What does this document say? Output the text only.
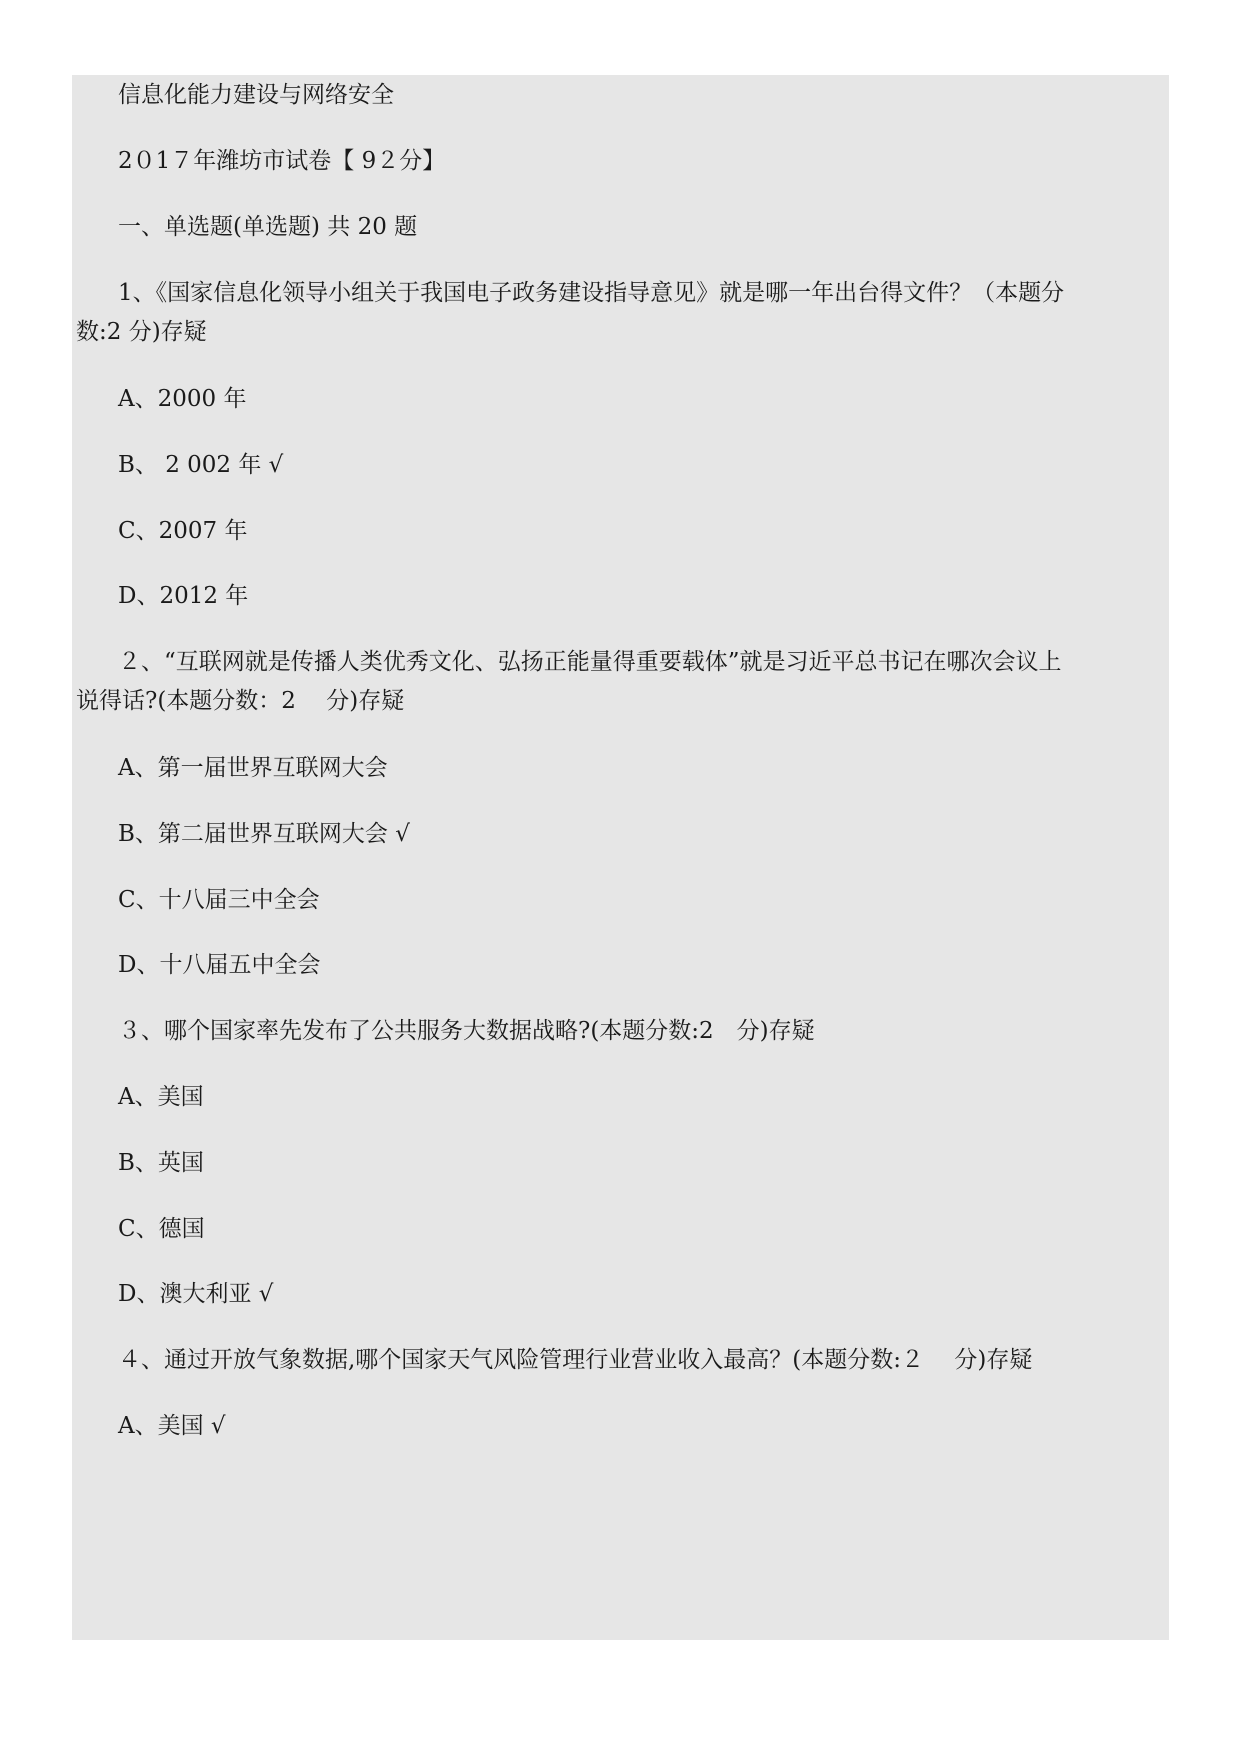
信息化能力建设与网络安全

2０1７年潍坊市试卷【 9２分】

一、单选题(单选题) 共 20 题

1、《国家信息化领导小组关于我国电子政务建设指导意见》就是哪一年出台得文件？（本题分

数:2 分)存疑

A、2000 年

B、 2 002 年 √

C、2007 年

D、2012 年

２、“互联网就是传播人类优秀文化、弘扬正能量得重要载体”就是习近平总书记在哪次会议上

说得话?(本题分数：2　 分)存疑

A、第一届世界互联网大会

B、第二届世界互联网大会 √

C、十八届三中全会

D、十八届五中全会

３、哪个国家率先发布了公共服务大数据战略?(本题分数:2　分)存疑

A、美国

B、英国

C、德国

D、澳大利亚 √

４、通过开放气象数据,哪个国家天气风险管理行业营业收入最高？(本题分数:２　 分)存疑

A、美国 √
